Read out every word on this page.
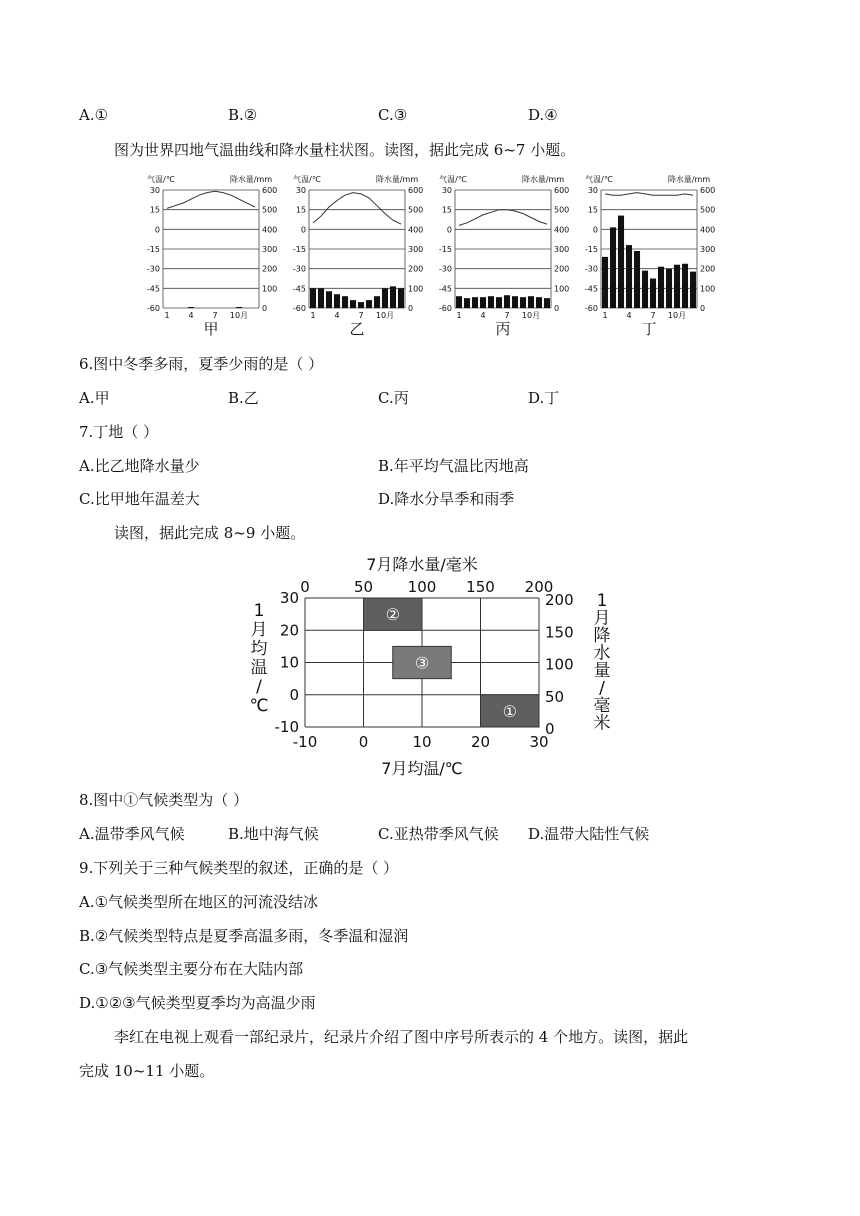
A.①	B.②	C.③	D.④
图为世界四地气温曲线和降水量柱状图。读图，据此完成 6~7 小题。
气温/℃	降水量/mm
30	600
15	500
0	400
-15	300
-30	200
-45	100
-60	0
1 4 7 10月
甲
气温/℃	降水量/mm
30	600
15	500
0	400
-15	300
-30	200
-45	100
-60	0
1 4 7 10月
乙
气温/℃	降水量/mm
30	600
15	500
0	400
-15	300
-30	200
-45	100
-60	0
1 4 7 10月
丙
气温/℃	降水量/mm
30	600
15	500
0	400
-15	300
-30	200
-45	100
-60	0
1 4 7 10月
丁
6.图中冬季多雨，夏季少雨的是（ ）
A.甲	B.乙	C.丙	D.丁
7.丁地（ ）
A.比乙地降水量少	B.年平均气温比丙地高
C.比甲地年温差大	D.降水分旱季和雨季
读图，据此完成 8~9 小题。
7月降水量/毫米
0	50 100 150 200
30
20
10
0
-10
200
150
100
50
0
-10	0	10	20	30
7月均温/℃
1
月
均
温
/
℃
1
月
降
水
量
/
毫
米
②
③
①
8.图中①气候类型为（ ）
A.温带季风气候	B.地中海气候	C.亚热带季风气候 D.温带大陆性气候
9.下列关于三种气候类型的叙述，正确的是（ ）
A.①气候类型所在地区的河流没结冰
B.②气候类型特点是夏季高温多雨，冬季温和湿润
C.③气候类型主要分布在大陆内部
D.①②③气候类型夏季均为高温少雨
李红在电视上观看一部纪录片，纪录片介绍了图中序号所表示的 4 个地方。读图，据此
完成 10~11 小题。
